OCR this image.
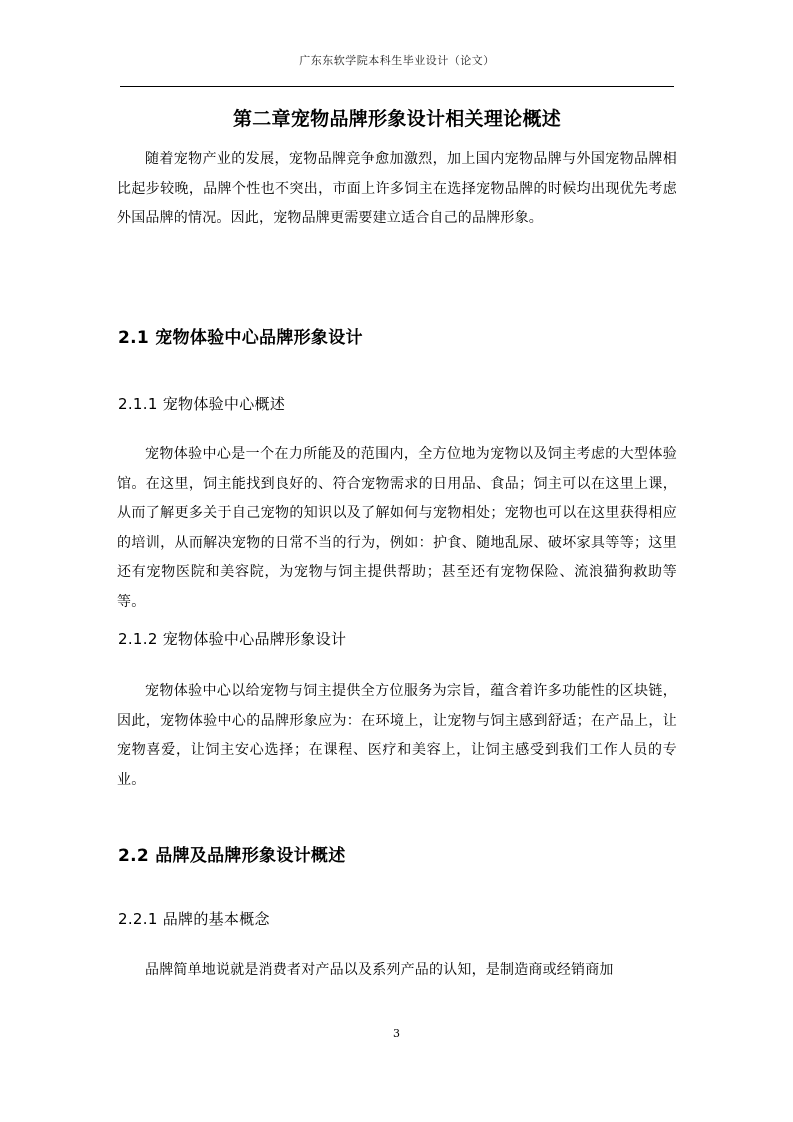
广东东软学院本科生毕业设计（论文）
第二章宠物品牌形象设计相关理论概述
随着宠物产业的发展，宠物品牌竞争愈加激烈，加上国内宠物品牌与外国宠物品牌相比起步较晚，品牌个性也不突出，市面上许多饲主在选择宠物品牌的时候均出现优先考虑外国品牌的情况。因此，宠物品牌更需要建立适合自己的品牌形象。
2.1 宠物体验中心品牌形象设计
2.1.1 宠物体验中心概述
宠物体验中心是一个在力所能及的范围内，全方位地为宠物以及饲主考虑的大型体验馆。在这里，饲主能找到良好的、符合宠物需求的日用品、食品；饲主可以在这里上课，从而了解更多关于自己宠物的知识以及了解如何与宠物相处；宠物也可以在这里获得相应的培训，从而解决宠物的日常不当的行为，例如：护食、随地乱尿、破坏家具等等；这里还有宠物医院和美容院，为宠物与饲主提供帮助；甚至还有宠物保险、流浪猫狗救助等等。
2.1.2 宠物体验中心品牌形象设计
宠物体验中心以给宠物与饲主提供全方位服务为宗旨，蕴含着许多功能性的区块链，因此，宠物体验中心的品牌形象应为：在环境上，让宠物与饲主感到舒适；在产品上，让宠物喜爱，让饲主安心选择；在课程、医疗和美容上，让饲主感受到我们工作人员的专业。
2.2 品牌及品牌形象设计概述
2.2.1 品牌的基本概念
品牌简单地说就是消费者对产品以及系列产品的认知，是制造商或经销商加
3
